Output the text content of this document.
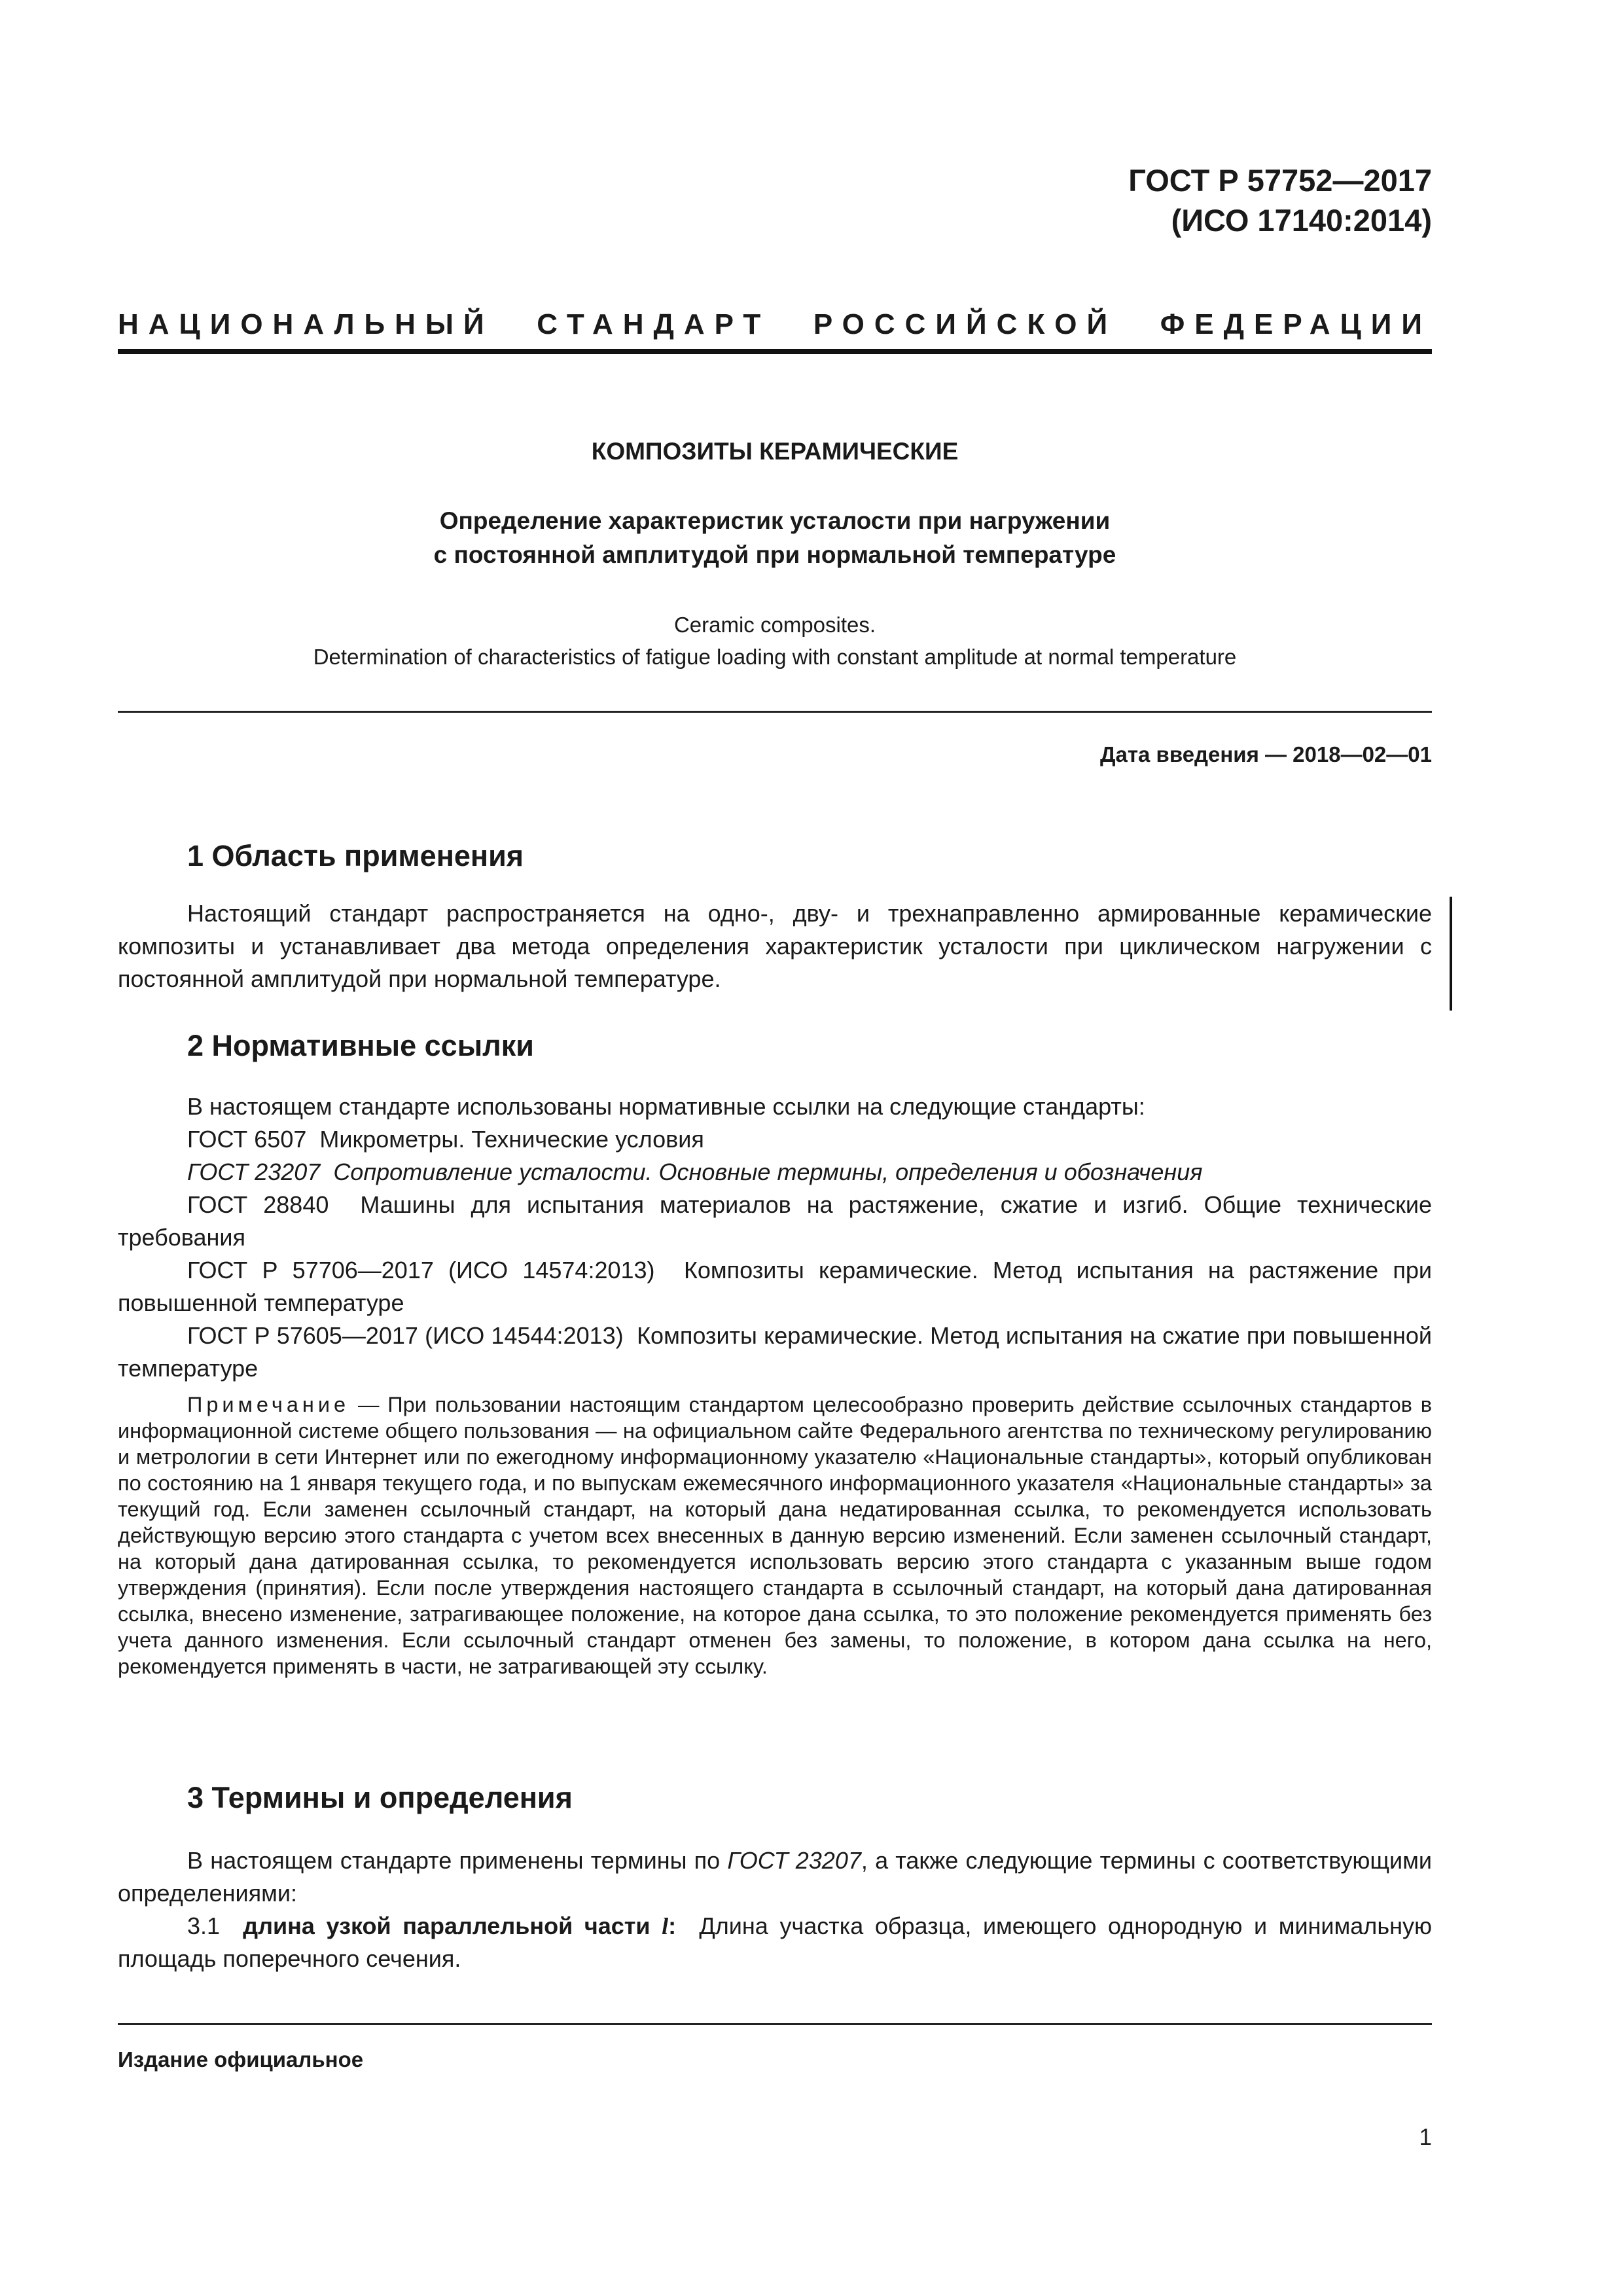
ГОСТ Р 57752—2017
(ИСО 17140:2014)
НАЦИОНАЛЬНЫЙ СТАНДАРТ РОССИЙСКОЙ ФЕДЕРАЦИИ
КОМПОЗИТЫ КЕРАМИЧЕСКИЕ
Определение характеристик усталости при нагружении
с постоянной амплитудой при нормальной температуре
Ceramic composites.
Determination of characteristics of fatigue loading with constant amplitude at normal temperature
Дата введения — 2018—02—01
1 Область применения
Настоящий стандарт распространяется на одно-, дву- и трехнаправленно армированные керамические композиты и устанавливает два метода определения характеристик усталости при циклическом нагружении с постоянной амплитудой при нормальной температуре.
2 Нормативные ссылки
В настоящем стандарте использованы нормативные ссылки на следующие стандарты:
ГОСТ 6507 Микрометры. Технические условия
ГОСТ 23207 Сопротивление усталости. Основные термины, определения и обозначения
ГОСТ 28840 Машины для испытания материалов на растяжение, сжатие и изгиб. Общие технические требования
ГОСТ Р 57706—2017 (ИСО 14574:2013) Композиты керамические. Метод испытания на растяжение при повышенной температуре
ГОСТ Р 57605—2017 (ИСО 14544:2013) Композиты керамические. Метод испытания на сжатие при повышенной температуре
Примечание — При пользовании настоящим стандартом целесообразно проверить действие ссылочных стандартов в информационной системе общего пользования — на официальном сайте Федерального агентства по техническому регулированию и метрологии в сети Интернет или по ежегодному информационному указателю «Национальные стандарты», который опубликован по состоянию на 1 января текущего года, и по выпускам ежемесячного информационного указателя «Национальные стандарты» за текущий год. Если заменен ссылочный стандарт, на который дана недатированная ссылка, то рекомендуется использовать действующую версию этого стандарта с учетом всех внесенных в данную версию изменений. Если заменен ссылочный стандарт, на который дана датированная ссылка, то рекомендуется использовать версию этого стандарта с указанным выше годом утверждения (принятия). Если после утверждения настоящего стандарта в ссылочный стандарт, на который дана датированная ссылка, внесено изменение, затрагивающее положение, на которое дана ссылка, то это положение рекомендуется применять без учета данного изменения. Если ссылочный стандарт отменен без замены, то положение, в котором дана ссылка на него, рекомендуется применять в части, не затрагивающей эту ссылку.
3 Термины и определения
В настоящем стандарте применены термины по ГОСТ 23207, а также следующие термины с соответствующими определениями:
3.1 длина узкой параллельной части l: Длина участка образца, имеющего однородную и минимальную площадь поперечного сечения.
Издание официальное
1
